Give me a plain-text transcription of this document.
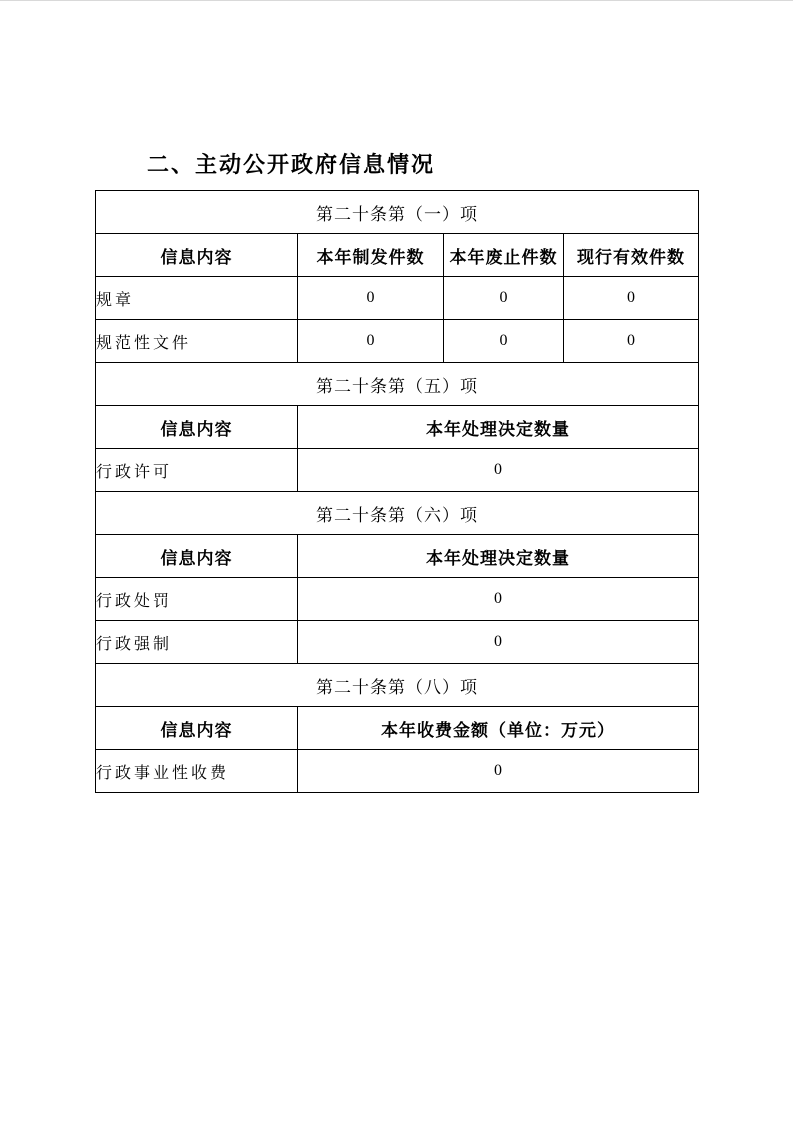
二、主动公开政府信息情况
第二十条第（一）项			
信息内容	本年制发件数	本年废止件数	现行有效件数
规章	0	0	0
规范性文件	0	0	0
第二十条第（五）项			
信息内容	本年处理决定数量		
行政许可	0		
第二十条第（六）项			
信息内容	本年处理决定数量		
行政处罚	0		
行政强制	0		
第二十条第（八）项			
信息内容	本年收费金额（单位：万元）		
行政事业性收费	0		
